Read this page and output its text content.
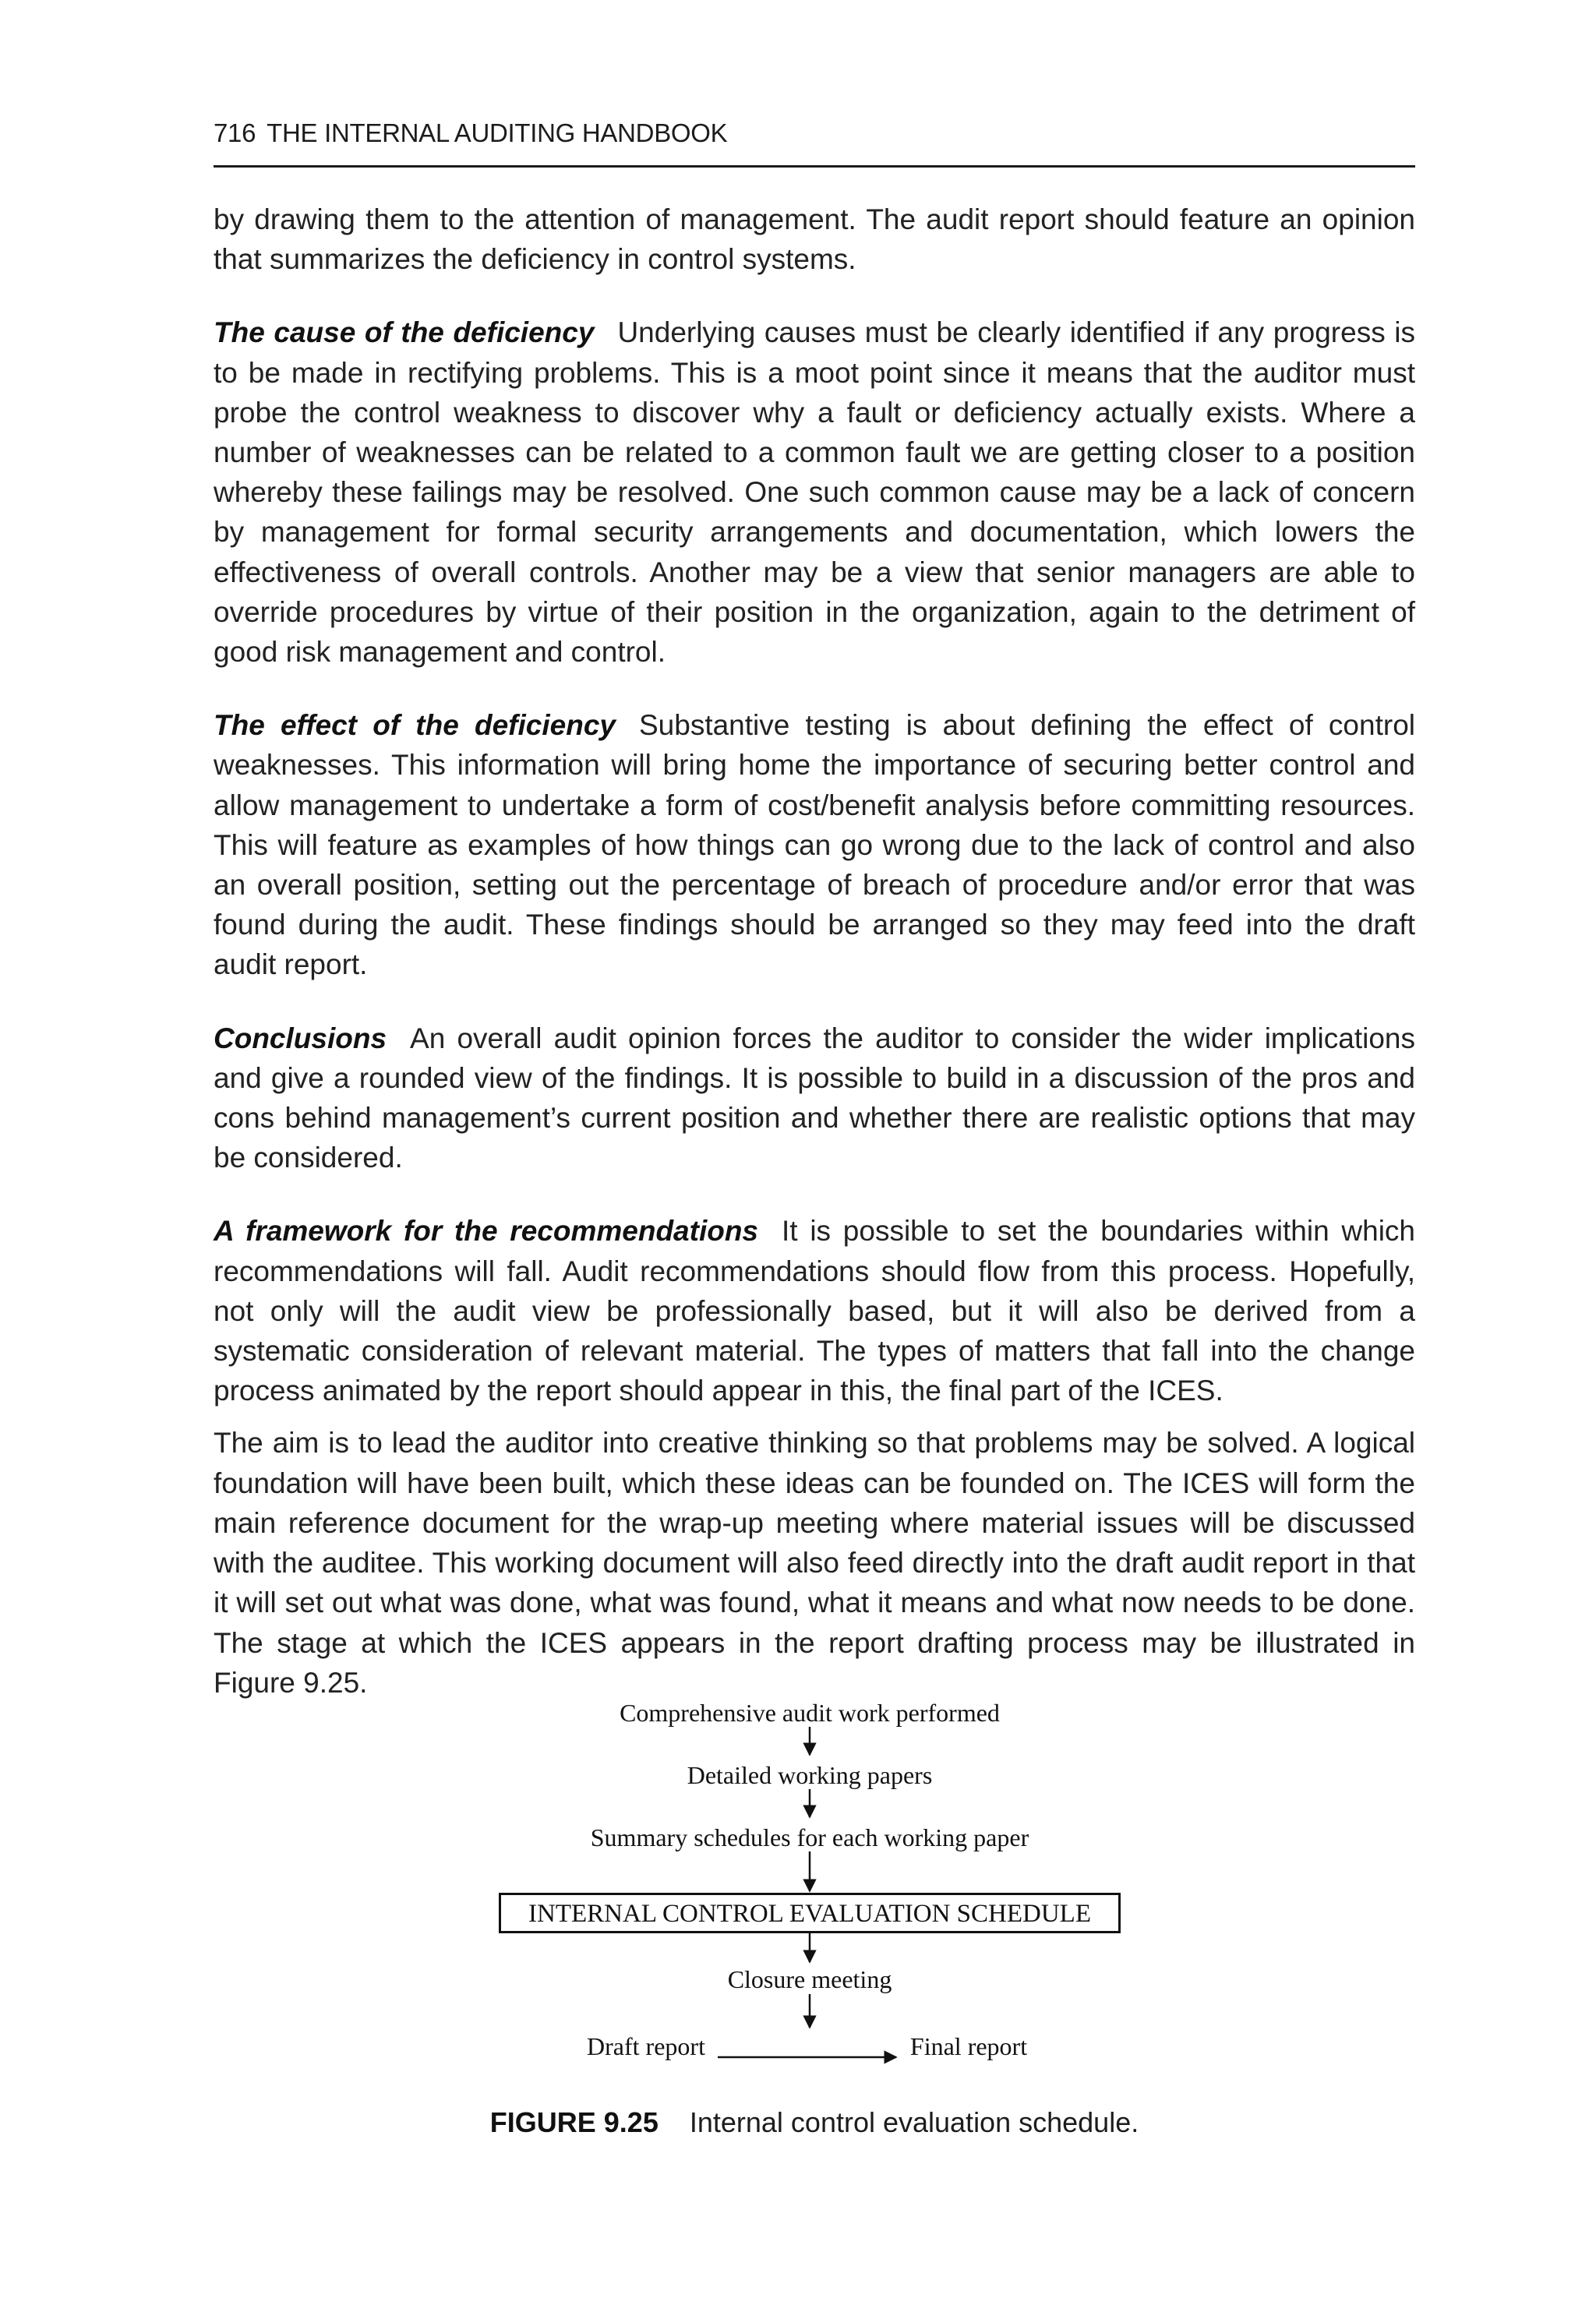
716 THE INTERNAL AUDITING HANDBOOK

by drawing them to the attention of management. The audit report should feature an opinion that summarizes the deficiency in control systems.

The cause of the deficiency Underlying causes must be clearly identified if any progress is to be made in rectifying problems. This is a moot point since it means that the auditor must probe the control weakness to discover why a fault or deficiency actually exists. Where a number of weaknesses can be related to a common fault we are getting closer to a position whereby these failings may be resolved. One such common cause may be a lack of concern by management for formal security arrangements and documentation, which lowers the effectiveness of overall controls. Another may be a view that senior managers are able to override procedures by virtue of their position in the organization, again to the detriment of good risk management and control.

The effect of the deficiency Substantive testing is about defining the effect of control weaknesses. This information will bring home the importance of securing better control and allow management to undertake a form of cost/benefit analysis before committing resources. This will feature as examples of how things can go wrong due to the lack of control and also an overall position, setting out the percentage of breach of procedure and/or error that was found during the audit. These findings should be arranged so they may feed into the draft audit report.

Conclusions An overall audit opinion forces the auditor to consider the wider implications and give a rounded view of the findings. It is possible to build in a discussion of the pros and cons behind management’s current position and whether there are realistic options that may be considered.

A framework for the recommendations It is possible to set the boundaries within which recommendations will fall. Audit recommendations should flow from this process. Hopefully, not only will the audit view be professionally based, but it will also be derived from a systematic consideration of relevant material. The types of matters that fall into the change process animated by the report should appear in this, the final part of the ICES.

The aim is to lead the auditor into creative thinking so that problems may be solved. A logical foundation will have been built, which these ideas can be founded on. The ICES will form the main reference document for the wrap-up meeting where material issues will be discussed with the auditee. This working document will also feed directly into the draft audit report in that it will set out what was done, what was found, what it means and what now needs to be done. The stage at which the ICES appears in the report drafting process may be illustrated in Figure 9.25.

Comprehensive audit work performed
Detailed working papers
Summary schedules for each working paper
INTERNAL CONTROL EVALUATION SCHEDULE
Closure meeting
Draft report	Final report
FIGURE 9.25 Internal control evaluation schedule.
